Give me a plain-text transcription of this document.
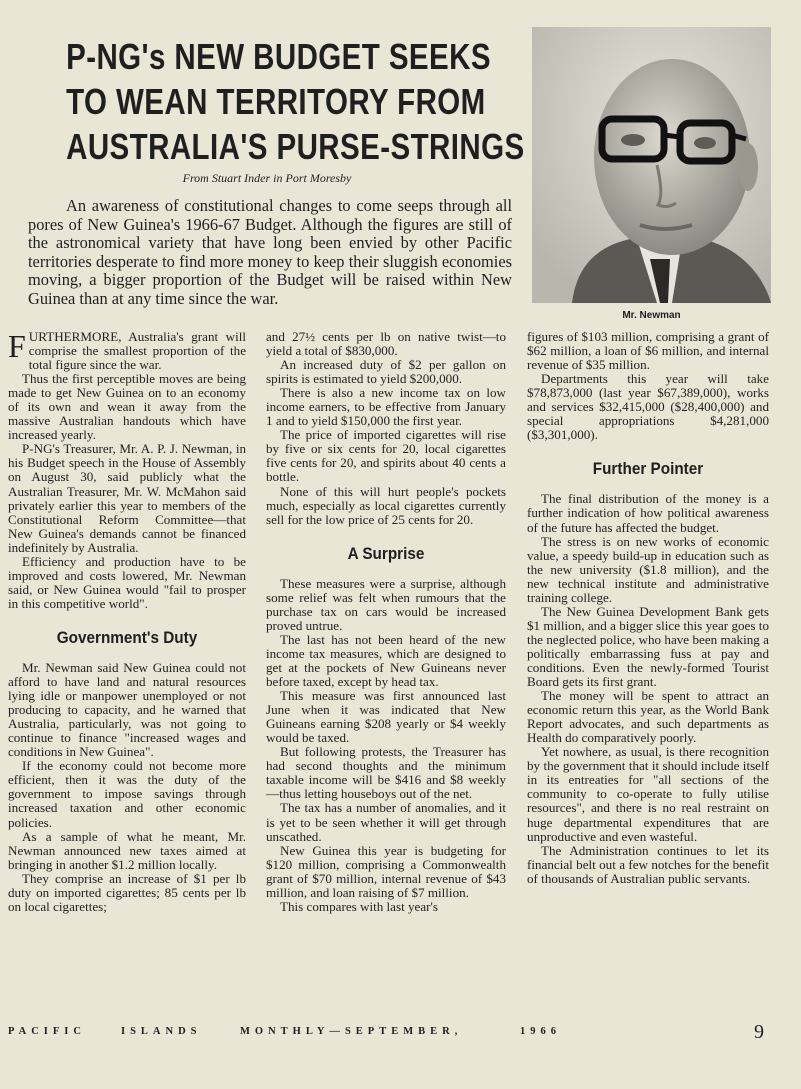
P-NG's NEW BUDGET SEEKS
TO WEAN TERRITORY FROM
AUSTRALIA'S PURSE-STRINGS

From Stuart Inder in Port Moresby

An awareness of constitutional changes to come seeps through all pores of New Guinea's 1966-67 Budget. Although the figures are still of the astronomical variety that have long been envied by other Pacific territories desperate to find more money to keep their sluggish economies moving, a bigger proportion of the Budget will be raised within New Guinea than at any time since the war.

Mr. Newman

FURTHERMORE, Australia's grant will comprise the smallest proportion of the total figure since the war.

Thus the first perceptible moves are being made to get New Guinea on to an economy of its own and wean it away from the massive Australian handouts which have increased yearly.

P-NG's Treasurer, Mr. A. P. J. Newman, in his Budget speech in the House of Assembly on August 30, said publicly what the Australian Treasurer, Mr. W. McMahon said privately earlier this year to members of the Constitutional Reform Committee—that New Guinea's demands cannot be financed indefinitely by Australia.

Efficiency and production have to be improved and costs lowered, Mr. Newman said, or New Guinea would "fail to prosper in this competitive world".

Government's Duty

Mr. Newman said New Guinea could not afford to have land and natural resources lying idle or manpower unemployed or not producing to capacity, and he warned that Australia, particularly, was not going to continue to finance "increased wages and conditions in New Guinea".

If the economy could not become more efficient, then it was the duty of the government to impose savings through increased taxation and other economic policies.

As a sample of what he meant, Mr. Newman announced new taxes aimed at bringing in another $1.2 million locally.

They comprise an increase of $1 per lb duty on imported cigarettes; 85 cents per lb on local cigarettes;

and 27½ cents per lb on native twist—to yield a total of $830,000.

An increased duty of $2 per gallon on spirits is estimated to yield $200,000.

There is also a new income tax on low income earners, to be effective from January 1 and to yield $150,000 the first year.

The price of imported cigarettes will rise by five or six cents for 20, local cigarettes five cents for 20, and spirits about 40 cents a bottle.

None of this will hurt people's pockets much, especially as local cigarettes currently sell for the low price of 25 cents for 20.

A Surprise

These measures were a surprise, although some relief was felt when rumours that the purchase tax on cars would be increased proved untrue.

The last has not been heard of the new income tax measures, which are designed to get at the pockets of New Guineans never before taxed, except by head tax.

This measure was first announced last June when it was indicated that New Guineans earning $208 yearly or $4 weekly would be taxed.

But following protests, the Treasurer has had second thoughts and the minimum taxable income will be $416 and $8 weekly—thus letting houseboys out of the net.

The tax has a number of anomalies, and it is yet to be seen whether it will get through unscathed.

New Guinea this year is budgeting for $120 million, comprising a Commonwealth grant of $70 million, internal revenue of $43 million, and loan raising of $7 million.

This compares with last year's

figures of $103 million, comprising a grant of $62 million, a loan of $6 million, and internal revenue of $35 million.

Departments this year will take $78,873,000 (last year $67,389,000), works and services $32,415,000 ($28,400,000) and special appropriations $4,281,000 ($3,301,000).

Further Pointer

The final distribution of the money is a further indication of how political awareness of the future has affected the budget.

The stress is on new works of economic value, a speedy build-up in education such as the new university ($1.8 million), and the new technical institute and administrative training college.

The New Guinea Development Bank gets $1 million, and a bigger slice this year goes to the neglected police, who have been making a politically embarrassing fuss at pay and conditions. Even the newly-formed Tourist Board gets its first grant.

The money will be spent to attract an economic return this year, as the World Bank Report advocates, and such departments as Health do comparatively poorly.

Yet nowhere, as usual, is there recognition by the government that it should include itself in its entreaties for "all sections of the community to co-operate to fully utilise resources", and there is no real restraint on huge departmental expenditures that are unproductive and even wasteful.

The Administration continues to let its financial belt out a few notches for the benefit of thousands of Australian public servants.

PACIFIC	ISLANDS	MONTHLY—SEPTEMBER,	1966	9
